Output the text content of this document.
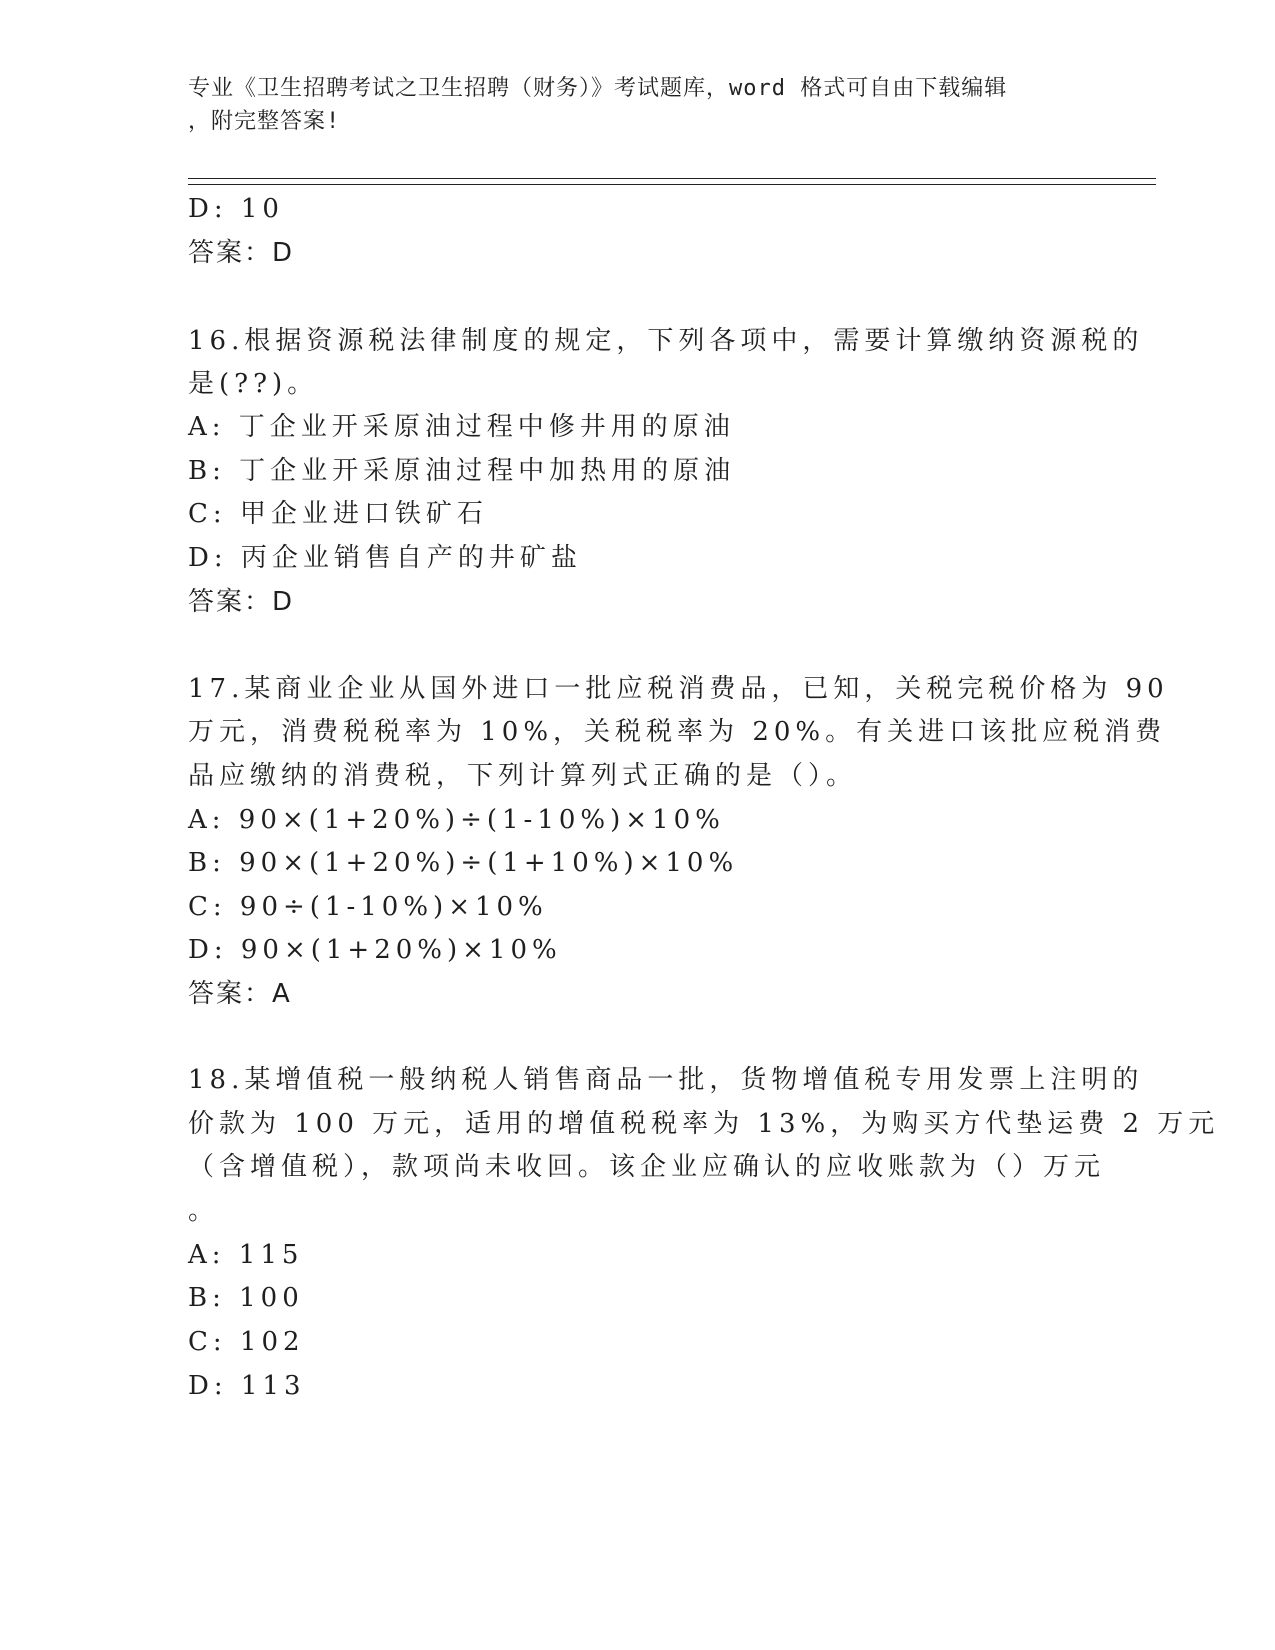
专业《卫生招聘考试之卫生招聘（财务）》考试题库，word 格式可自由下载编辑
，附完整答案!
D: 10
答案：D
16.根据资源税法律制度的规定，下列各项中，需要计算缴纳资源税的
是(??)。
A: 丁企业开采原油过程中修井用的原油
B: 丁企业开采原油过程中加热用的原油
C: 甲企业进口铁矿石
D: 丙企业销售自产的井矿盐
答案：D
17.某商业企业从国外进口一批应税消费品，已知，关税完税价格为 90
万元，消费税税率为 10%，关税税率为 20%。有关进口该批应税消费
品应缴纳的消费税，下列计算列式正确的是（）。
A: 90×(1+20%)÷(1-10%)×10%
B: 90×(1+20%)÷(1+10%)×10%
C: 90÷(1-10%)×10%
D: 90×(1+20%)×10%
答案：A
18.某增值税一般纳税人销售商品一批，货物增值税专用发票上注明的
价款为 100 万元，适用的增值税税率为 13%，为购买方代垫运费 2 万元
（含增值税），款项尚未收回。该企业应确认的应收账款为（）万元
。
A: 115
B: 100
C: 102
D: 113
